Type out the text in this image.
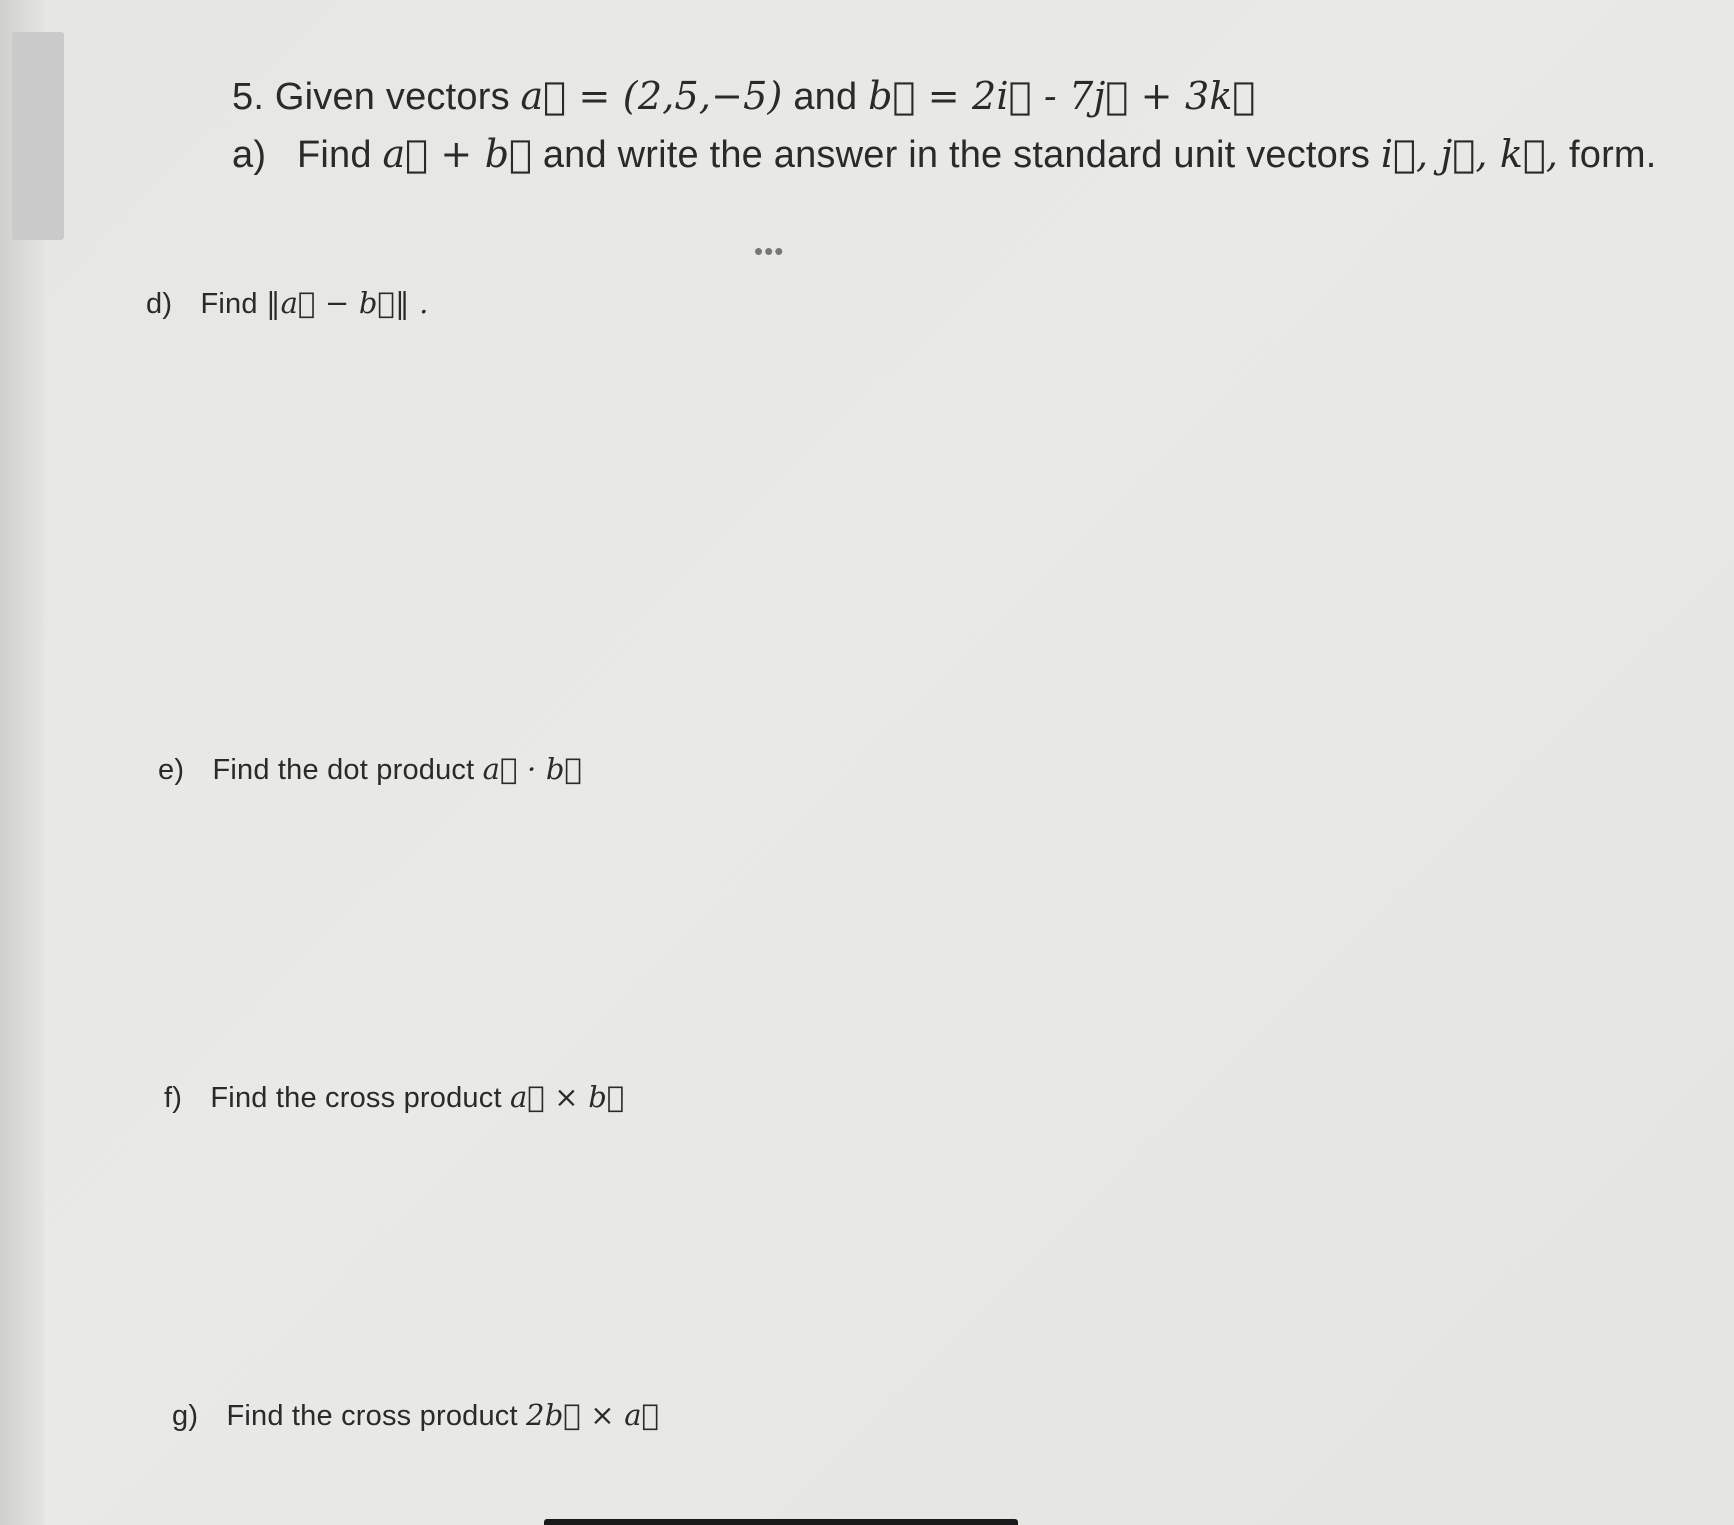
5. Given vectors a⃗ = (2,5,−5) and b⃗ = 2i⃗ - 7j⃗ + 3k⃗
a) Find a⃗ + b⃗ and write the answer in the standard unit vectors i⃗, j⃗, k⃗, form.
•••
d) Find ‖a⃗ − b⃗‖ .
e) Find the dot product a⃗ · b⃗
f) Find the cross product a⃗ × b⃗
g) Find the cross product 2b⃗ × a⃗
